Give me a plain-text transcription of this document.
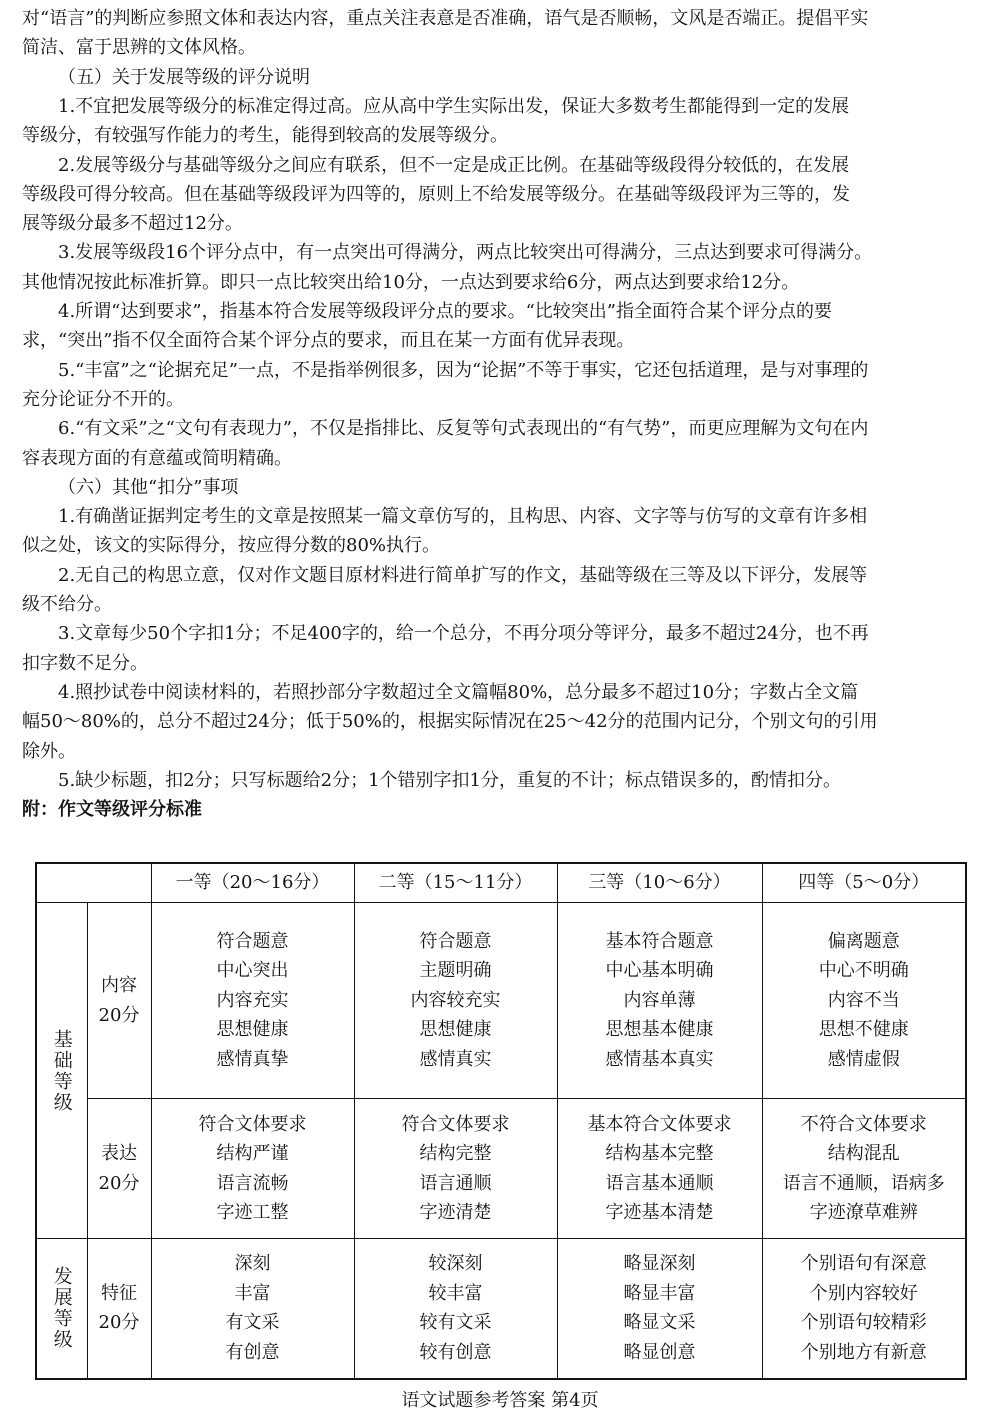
对“语言”的判断应参照文体和表达内容，重点关注表意是否准确，语气是否顺畅，文风是否端正。提倡平实
简洁、富于思辨的文体风格。
（五）关于发展等级的评分说明
1.不宜把发展等级分的标准定得过高。应从高中学生实际出发，保证大多数考生都能得到一定的发展
等级分，有较强写作能力的考生，能得到较高的发展等级分。
2.发展等级分与基础等级分之间应有联系，但不一定是成正比例。在基础等级段得分较低的，在发展
等级段可得分较高。但在基础等级段评为四等的，原则上不给发展等级分。在基础等级段评为三等的，发
展等级分最多不超过12分。
3.发展等级段16个评分点中，有一点突出可得满分，两点比较突出可得满分，三点达到要求可得满分。
其他情况按此标准折算。即只一点比较突出给10分，一点达到要求给6分，两点达到要求给12分。
4.所谓“达到要求”，指基本符合发展等级段评分点的要求。“比较突出”指全面符合某个评分点的要
求，“突出”指不仅全面符合某个评分点的要求，而且在某一方面有优异表现。
5.“丰富”之“论据充足”一点，不是指举例很多，因为“论据”不等于事实，它还包括道理，是与对事理的
充分论证分不开的。
6.“有文采”之“文句有表现力”，不仅是指排比、反复等句式表现出的“有气势”，而更应理解为文句在内
容表现方面的有意蕴或简明精确。
（六）其他“扣分”事项
1.有确凿证据判定考生的文章是按照某一篇文章仿写的，且构思、内容、文字等与仿写的文章有许多相
似之处，该文的实际得分，按应得分数的80%执行。
2.无自己的构思立意，仅对作文题目原材料进行简单扩写的作文，基础等级在三等及以下评分，发展等
级不给分。
3.文章每少50个字扣1分；不足400字的，给一个总分，不再分项分等评分，最多不超过24分，也不再
扣字数不足分。
4.照抄试卷中阅读材料的，若照抄部分字数超过全文篇幅80%，总分最多不超过10分；字数占全文篇
幅50～80%的，总分不超过24分；低于50%的，根据实际情况在25～42分的范围内记分，个别文句的引用
除外。
5.缺少标题，扣2分；只写标题给2分；1个错别字扣1分，重复的不计；标点错误多的，酌情扣分。
附：作文等级评分标准
		一等（20～16分）	二等（15～11分）	三等（10～6分）	四等（5～0分）

基础等级	内容
20分	符合题意
中心突出
内容充实
思想健康
感情真挚	符合题意
主题明确
内容较充实
思想健康
感情真实	基本符合题意
中心基本明确
内容单薄
思想基本健康
感情基本真实	偏离题意
中心不明确
内容不当
思想不健康
感情虚假

	表达
20分	符合文体要求
结构严谨
语言流畅
字迹工整	符合文体要求
结构完整
语言通顺
字迹清楚	基本符合文体要求
结构基本完整
语言基本通顺
字迹基本清楚	不符合文体要求
结构混乱
语言不通顺，语病多
字迹潦草难辨

发展等级	特征
20分	深刻
丰富
有文采
有创意	较深刻
较丰富
较有文采
较有创意	略显深刻
略显丰富
略显文采
略显创意	个别语句有深意
个别内容较好
个别语句较精彩
个别地方有新意
语文试题参考答案 第4页
